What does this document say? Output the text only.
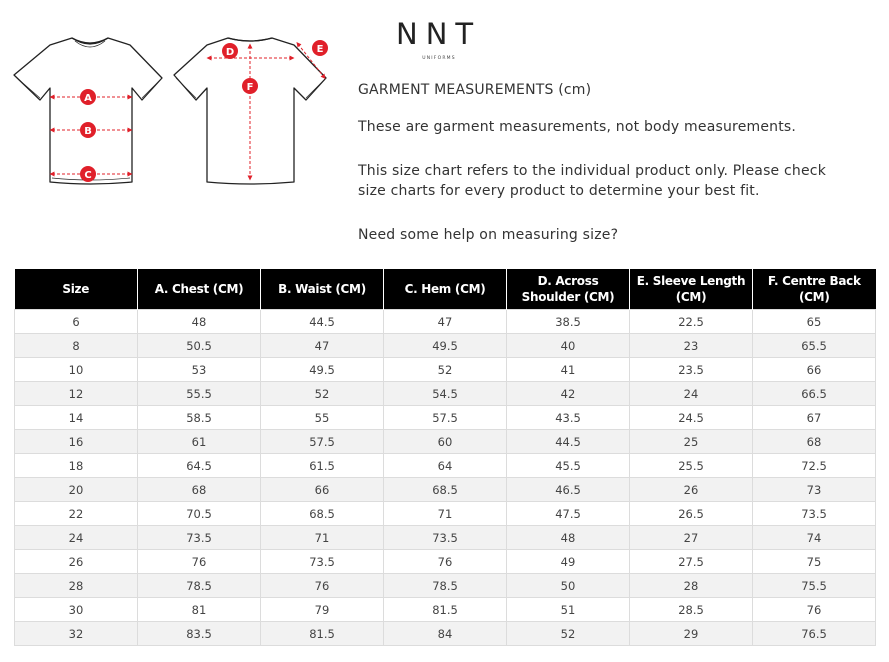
A
B
C
D	E
F
NNT
UNIFORMS
GARMENT MEASUREMENTS (cm)
These are garment measurements, not body measurements.
This size chart refers to the individual product only. Please check size charts for every product to determine your best fit.
Need some help on measuring size?
Size	A. Chest (CM)	B. Waist (CM)	C. Hem (CM)	D. Across Shoulder (CM)	E. Sleeve Length (CM)	F. Centre Back (CM)
6	48	44.5	47	38.5	22.5	65
8	50.5	47	49.5	40	23	65.5
10	53	49.5	52	41	23.5	66
12	55.5	52	54.5	42	24	66.5
14	58.5	55	57.5	43.5	24.5	67
16	61	57.5	60	44.5	25	68
18	64.5	61.5	64	45.5	25.5	72.5
20	68	66	68.5	46.5	26	73
22	70.5	68.5	71	47.5	26.5	73.5
24	73.5	71	73.5	48	27	74
26	76	73.5	76	49	27.5	75
28	78.5	76	78.5	50	28	75.5
30	81	79	81.5	51	28.5	76
32	83.5	81.5	84	52	29	76.5
